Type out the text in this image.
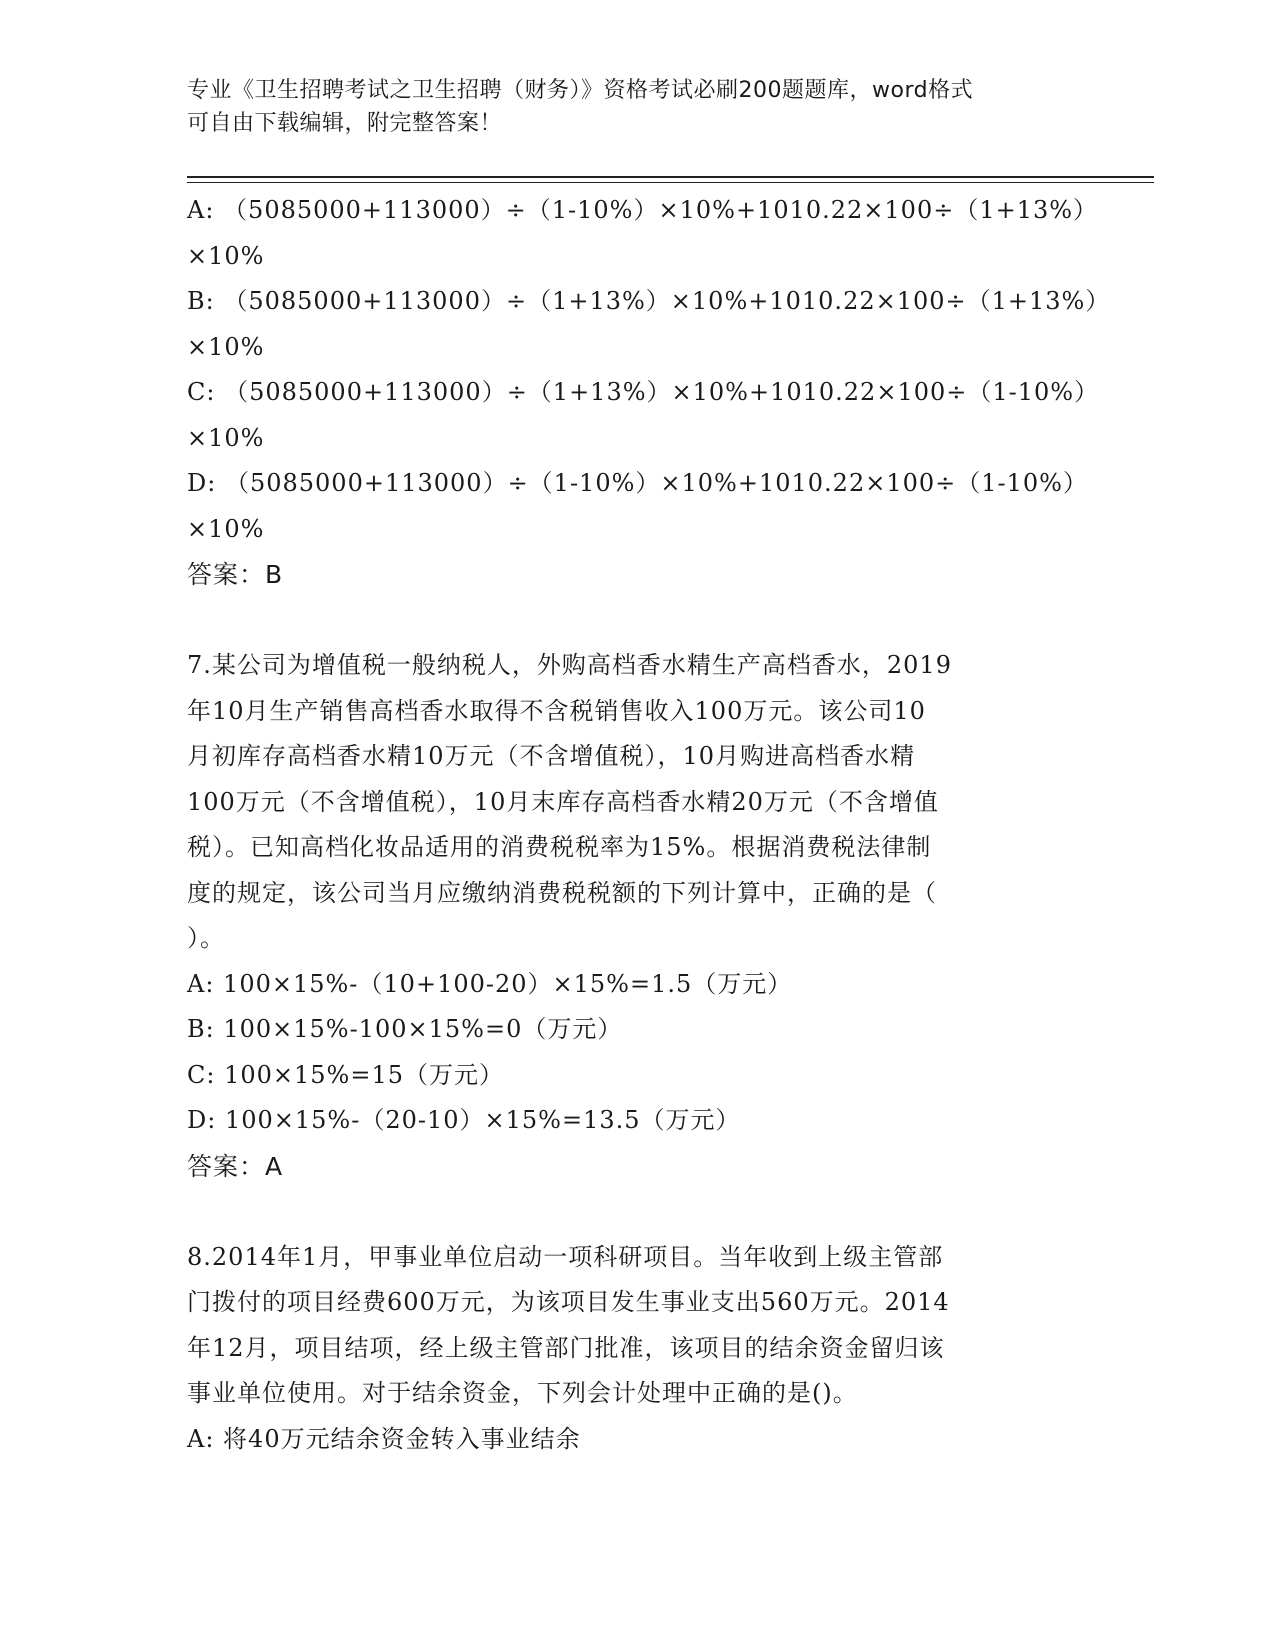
专业《卫生招聘考试之卫生招聘（财务）》资格考试必刷200题题库，word格式
可自由下载编辑，附完整答案！
A: （5085000+113000）÷（1-10%）×10%+1010.22×100÷（1+13%）
×10%
B: （5085000+113000）÷（1+13%）×10%+1010.22×100÷（1+13%）
×10%
C: （5085000+113000）÷（1+13%）×10%+1010.22×100÷（1-10%）
×10%
D: （5085000+113000）÷（1-10%）×10%+1010.22×100÷（1-10%）
×10%
答案：B
7.某公司为增值税一般纳税人，外购高档香水精生产高档香水，2019
年10月生产销售高档香水取得不含税销售收入100万元。该公司10
月初库存高档香水精10万元（不含增值税），10月购进高档香水精
100万元（不含增值税），10月末库存高档香水精20万元（不含增值
税）。已知高档化妆品适用的消费税税率为15%。根据消费税法律制
度的规定，该公司当月应缴纳消费税税额的下列计算中，正确的是（
）。
A: 100×15%-（10+100-20）×15%=1.5（万元）
B: 100×15%-100×15%=0（万元）
C: 100×15%=15（万元）
D: 100×15%-（20-10）×15%=13.5（万元）
答案：A
8.2014年1月，甲事业单位启动一项科研项目。当年收到上级主管部
门拨付的项目经费600万元，为该项目发生事业支出560万元。2014
年12月，项目结项，经上级主管部门批准，该项目的结余资金留归该
事业单位使用。对于结余资金，下列会计处理中正确的是()。
A: 将40万元结余资金转入事业结余
